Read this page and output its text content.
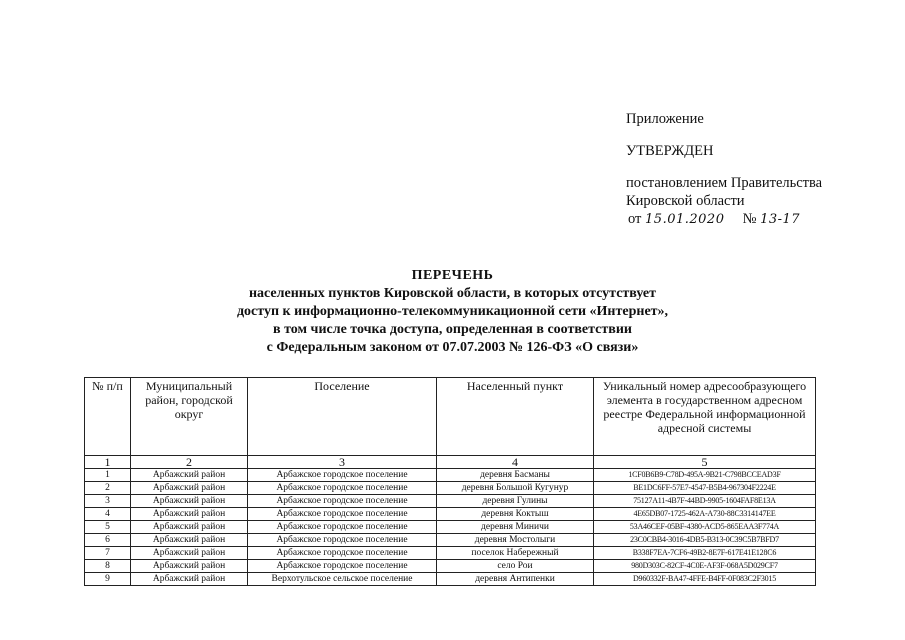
Приложение
УТВЕРЖДЕН
постановлением Правительства
Кировской области
от 15.01.2020 № 13-17
ПЕРЕЧЕНЬ
населенных пунктов Кировской области, в которых отсутствует
доступ к информационно-телекоммуникационной сети «Интернет»,
в том числе точка доступа, определенная в соответствии
с Федеральным законом от 07.07.2003 № 126-ФЗ «О связи»
№ п/п	Муниципальный район, городской округ	Поселение	Населенный пункт	Уникальный номер адресообразующего элемента в государственном адресном реестре Федеральной информационной адресной системы
1	2	3	4	5
1	Арбажский район	Арбажское городское поселение	деревня Басманы	1CF0B6B9-C78D-495A-9B21-C798BCCEAD3F
2	Арбажский район	Арбажское городское поселение	деревня Большой Кугунур	BE1DC6FF-57E7-4547-B5B4-967304F2224E
3	Арбажский район	Арбажское городское поселение	деревня Гулины	75127A11-4B7F-44BD-9905-1604FAF8E13A
4	Арбажский район	Арбажское городское поселение	деревня Коктыш	4E65DB07-1725-462A-A730-88C3314147EE
5	Арбажский район	Арбажское городское поселение	деревня Миничи	53A46CEF-05BF-4380-ACD5-865EAA3F774A
6	Арбажский район	Арбажское городское поселение	деревня Мостолыги	23C0CBB4-3016-4DB5-B313-0C39C5B7BFD7
7	Арбажский район	Арбажское городское поселение	поселок Набережный	B338F7EA-7CF6-49B2-8E7F-617E41E128C6
8	Арбажский район	Арбажское городское поселение	село Рои	980D303C-82CF-4C0E-AF3F-068A5D029CF7
9	Арбажский район	Верхотульское сельское поселение	деревня Антипенки	D960332F-BA47-4FFE-B4FF-0F083C2F3015
